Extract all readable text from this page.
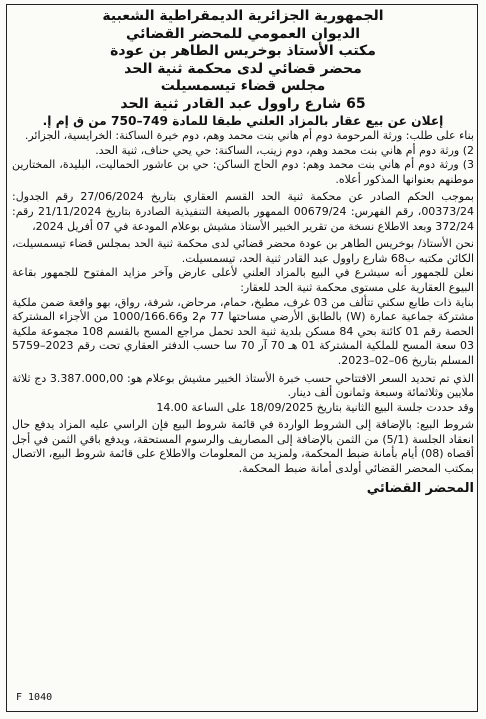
الجمهورية الجزائرية الديمقراطية الشعبية
الديوان العمومي للمحضر القضائي
مكتب الأستاذ بوخريس الطاهر بن عودة
محضر قضائي لدى محكمة ثنية الحد
مجلس قضاء تيسمسيلت
65 شارع راوول عبد القادر ثنية الحد
إعلان عن بيع عقار بالمزاد العلني طبقا للمادة 749–750 من ق إم إ.

بناء على طلب: ورثة المرحومة دوم أم هاني بنت محمد وهم، دوم خيرة الساكنة: الخرايسية، الجزائر.

2) ورثة دوم أم هاني بنت محمد وهم، دوم زينب، الساكنة: حي يحي حناف، ثنية الحد.

3) ورثة دوم أم هاني بنت محمد وهم: دوم الحاج الساكن: حي بن عاشور الحماليت، البليدة، المختارين موطنهم بعنوانها المذكور أعلاه.

بموجب الحكم الصادر عن محكمة ثنية الحد القسم العقاري بتاريخ 27/06/2024 رقم الجدول: 00373/24، رقم الفهرس: 00679/24 الممهور بالصيغة التنفيذية الصادرة بتاريخ 21/11/2024 رقم: 372/24 وبعد الاطلاع نسخة من تقرير الخبير الأستاذ مشيش بوعلام المودعة في 07 أفريل 2024،

نحن الأستاذ/ بوخريس الطاهر بن عودة محضر قضائي لدى محكمة ثنية الحد بمجلس قضاء تيسمسيلت، الكائن مكتبه ب68 شارع راوول عبد القادر ثنية الحد، تيسمسيلت.

نعلن للجمهور أنه سيشرع في البيع بالمزاد العلني لأعلى عارض وآخر مزايد المفتوح للجمهور بقاعة البيوع العقارية على مستوى محكمة ثنية الحد للعقار:

بناية ذات طابع سكني تتألف من 03 غرف، مطبخ، حمام، مرحاض، شرفة، رواق، بهو واقعة ضمن ملكية مشتركة جماعية عمارة (W) بالطابق الأرضي مساحتها 77 م2 و1000/166.66 من الأجزاء المشتركة الحصة رقم 01 كائنة بحي 84 مسكن بلدية ثنية الحد تحمل مراجع المسح بالقسم 108 مجموعة ملكية 03 سعة المسح للملكية المشتركة 01 هـ 70 آر 70 سا حسب الدفتر العقاري تحت رقم 2023–5759 المسلم بتاريخ 06–02–2023.

الذي تم تحديد السعر الافتتاحي حسب خبرة الأستاذ الخبير مشيش بوعلام هو: 3.387.000,00 دج ثلاثة ملايين وثلاثمائة وسبعة وثمانون ألف دينار.

وقد حددت جلسة البيع الثانية بتاريخ 18/09/2025 على الساعة 14.00

شروط البيع: بالإضافة إلى الشروط الواردة في قائمة شروط البيع فإن الراسي عليه المزاد يدفع حال انعقاد الجلسة (5/1) من الثمن بالإضافة إلى المصاريف والرسوم المستحقة، ويدفع باقي الثمن في أجل أقصاه (08) أيام بأمانة ضبط المحكمة، ولمزيد من المعلومات والاطلاع على قائمة شروط البيع، الاتصال بمكتب المحضر القضائي أولدى أمانة ضبط المحكمة.

المحضر القضائي
F 1040
